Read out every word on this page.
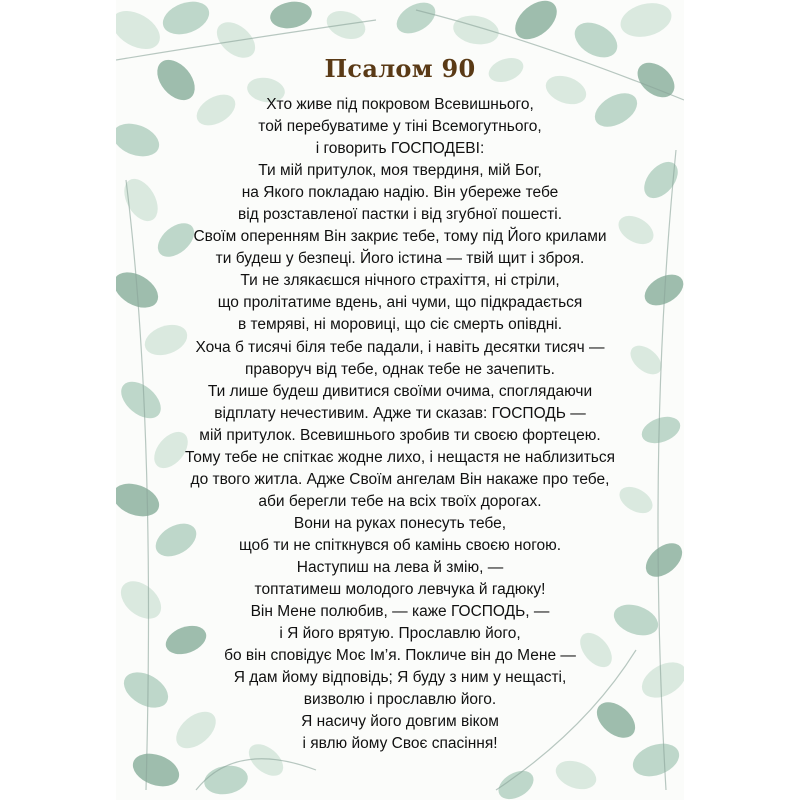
Псалом 90
Хто живе під покровом Всевишнього,
той перебуватиме у тіні Всемогутнього,
і говорить ГОСПОДЕВІ:
Ти мій притулок, моя твердиня, мій Бог,
на Якого покладаю надію. Він убереже тебе
від розставленої пастки і від згубної пошесті.
Своїм оперенням Він закриє тебе, тому під Його крилами
ти будеш у безпеці. Його істина — твій щит і зброя.
Ти не злякаєшся нічного страхіття, ні стріли,
що пролітатиме вдень, ані чуми, що підкрадається
в темряві, ні моровиці, що сіє смерть опівдні.
Хоча б тисячі біля тебе падали, і навіть десятки тисяч —
праворуч від тебе, однак тебе не зачепить.
Ти лише будеш дивитися своїми очима, споглядаючи
відплату нечестивим. Адже ти сказав: ГОСПОДЬ —
мій притулок. Всевишнього зробив ти своєю фортецею.
Тому тебе не спіткає жодне лихо, і нещастя не наблизиться
до твого житла. Адже Своїм ангелам Він накаже про тебе,
аби берегли тебе на всіх твоїх дорогах.
Вони на руках понесуть тебе,
щоб ти не спіткнувся об камінь своєю ногою.
Наступиш на лева й змію, —
топтатимеш молодого левчука й гадюку!
Він Мене полюбив, — каже ГОСПОДЬ, —
і Я його врятую. Прославлю його,
бо він сповідує Моє Ім’я. Покличе він до Мене —
Я дам йому відповідь; Я буду з ним у нещасті,
визволю і прославлю його.
Я насичу його довгим віком
і явлю йому Своє спасіння!
